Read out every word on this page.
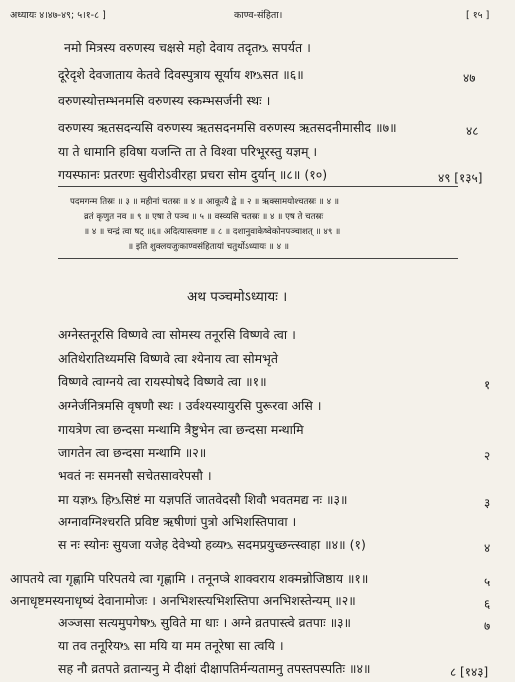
अध्यायः ४।४७-४९; ५।१-८ ]	काण्व-संहिता।	[ १५ ]
नमो मित्रस्य वरुणस्य चक्षसे महो देवाय तदृतᳬ सपर्यत ।
दूरेदृशे देवजाताय केतवे दिवस्पुत्राय सूर्याय शᳬसत ॥६॥	४७
वरुणस्योत्तम्भनमसि वरुणस्य स्कम्भसर्जनी स्थः ।
वरुणस्य ऋतसदन्यसि वरुणस्य ऋतसदनमसि वरुणस्य ऋतसदनीमासीद ॥७॥	४८
या ते धामानि हविषा यजन्ति ता ते विश्वा परिभूरस्तु यज्ञम् ।
गयस्फानः प्रतरणः सुवीरोऽवीरहा प्रचरा सोम दुर्यान् ॥८॥ (१०)	४९ [१३५]
पदमगन्म तिस्रः ॥ ३ ॥ महीनां चतस्रः ॥ ४ ॥ आकूत्यै द्वे ॥ २ ॥ ऋक्सामयोश्चतस्रः ॥ ४ ॥
व्रतं कृणुत नव ॥ ९ ॥ एषा ते पञ्च ॥ ५ ॥ वस्व्यसि चतस्रः ॥ ४ ॥ एष ते चतस्रः
॥ ४ ॥ चन्द्रं त्वा षट् ॥६॥ अदित्यास्त्वगष्ट ॥ ८ ॥ दशानुवाकेष्वेकोनपञ्चाशत् ॥ ४९ ॥
॥ इति शुक्लयजुःकाण्वसंहितायां चतुर्थोऽध्यायः ॥ ४ ॥
अथ पञ्चमोऽध्यायः ।
अग्नेस्तनूरसि विष्णवे त्वा सोमस्य तनूरसि विष्णवे त्वा ।
अतिथेरातिथ्यमसि विष्णवे त्वा श्येनाय त्वा सोमभृते
विष्णवे त्वाग्नये त्वा रायस्पोषदे विष्णवे त्वा ॥१॥	१
अग्नेर्जनित्रमसि वृषणौ स्थः । उर्वश्यस्यायुरसि पुरूरवा असि ।
गायत्रेण त्वा छन्दसा मन्थामि त्रैष्टुभेन त्वा छन्दसा मन्थामि
जागतेन त्वा छन्दसा मन्थामि ॥२॥	२
भवतं नः समनसौ सचेतसावरेपसौ ।
मा यज्ञᳬ हिᳬसिष्टं मा यज्ञपतिं जातवेदसौ शिवौ भवतमद्य नः ॥३॥	३
अग्नावग्निश्चरति प्रविष्ट ऋषीणां पुत्रो अभिशस्तिपावा ।
स नः स्योनः सुयजा यजेह देवेभ्यो हव्यᳬ सदमप्रयुच्छन्त्स्वाहा ॥४॥ (१)	४
आपतये त्वा गृह्णामि परिपतये त्वा गृह्णामि । तनूनप्त्रे शाक्वराय शक्मन्नोजिष्ठाय ॥१॥	५
अनाधृष्टमस्यनाधृष्यं देवानामोजः । अनभिशस्त्यभिशस्तिपा अनभिशस्तेन्यम् ॥२॥	६
अञ्जसा सत्यमुपगेषᳬ सुविते मा धाः । अग्ने व्रतपास्त्वे व्रतपाः ॥३॥	७
या तव तनूरियᳬ सा मयि या मम तनूरेषा सा त्वयि ।
सह नौ व्रतपते व्रतान्यनु मे दीक्षां दीक्षापतिर्मन्यतामनु तपस्तपस्पतिः ॥४॥	८ [१४३]
